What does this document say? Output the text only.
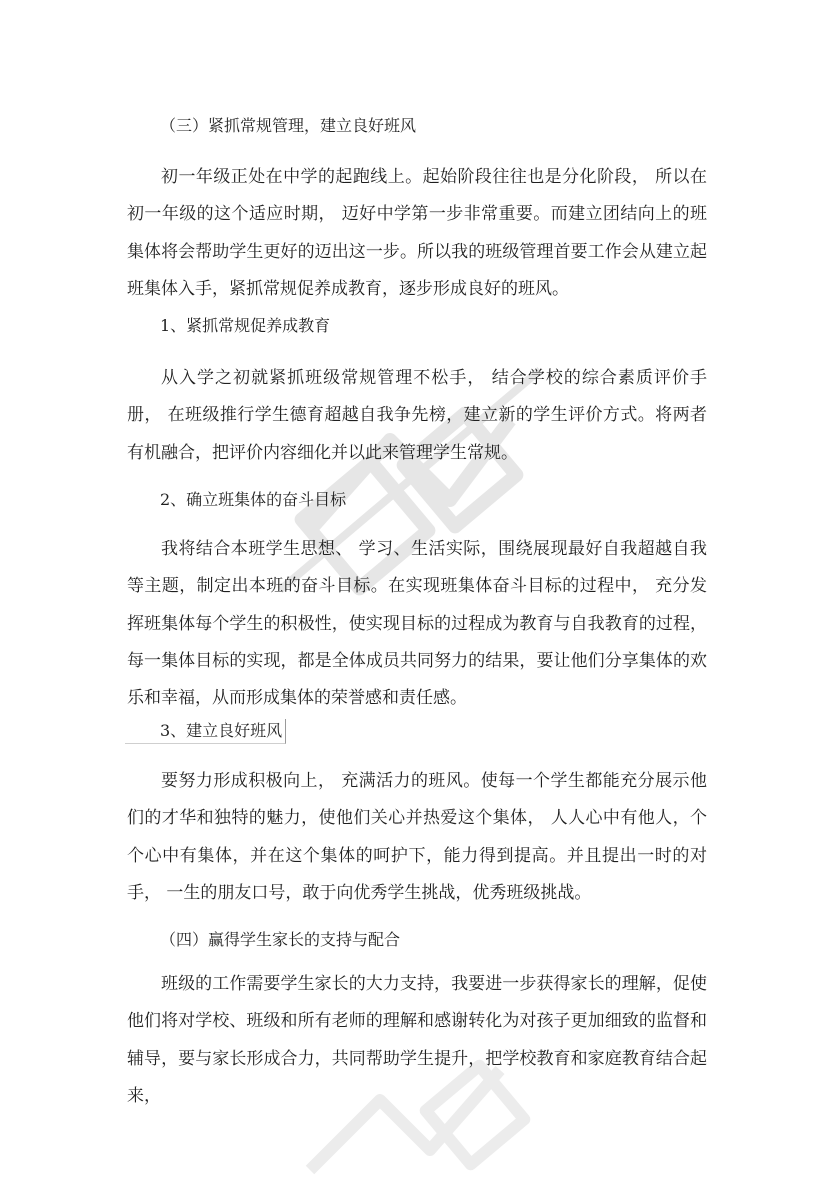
（三）紧抓常规管理，建立良好班风
初一年级正处在中学的起跑线上。起始阶段往往也是分化阶段， 所以在初一年级的这个适应时期， 迈好中学第一步非常重要。而建立团结向上的班集体将会帮助学生更好的迈出这一步。所以我的班级管理首要工作会从建立起班集体入手，紧抓常规促养成教育，逐步形成良好的班风。
1、紧抓常规促养成教育
从入学之初就紧抓班级常规管理不松手， 结合学校的综合素质评价手册， 在班级推行学生德育超越自我争先榜，建立新的学生评价方式。将两者有机融合，把评价内容细化并以此来管理学生常规。
2、确立班集体的奋斗目标
我将结合本班学生思想、 学习、生活实际，围绕展现最好自我超越自我等主题，制定出本班的奋斗目标。在实现班集体奋斗目标的过程中， 充分发挥班集体每个学生的积极性，使实现目标的过程成为教育与自我教育的过程，每一集体目标的实现，都是全体成员共同努力的结果，要让他们分享集体的欢乐和幸福，从而形成集体的荣誉感和责任感。
3、建立良好班风
要努力形成积极向上， 充满活力的班风。使每一个学生都能充分展示他们的才华和独特的魅力，使他们关心并热爱这个集体， 人人心中有他人，个个心中有集体，并在这个集体的呵护下，能力得到提高。并且提出一时的对手， 一生的朋友口号，敢于向优秀学生挑战，优秀班级挑战。
（四）赢得学生家长的支持与配合
班级的工作需要学生家长的大力支持，我要进一步获得家长的理解，促使他们将对学校、班级和所有老师的理解和感谢转化为对孩子更加细致的监督和辅导，要与家长形成合力，共同帮助学生提升，把学校教育和家庭教育结合起来，
